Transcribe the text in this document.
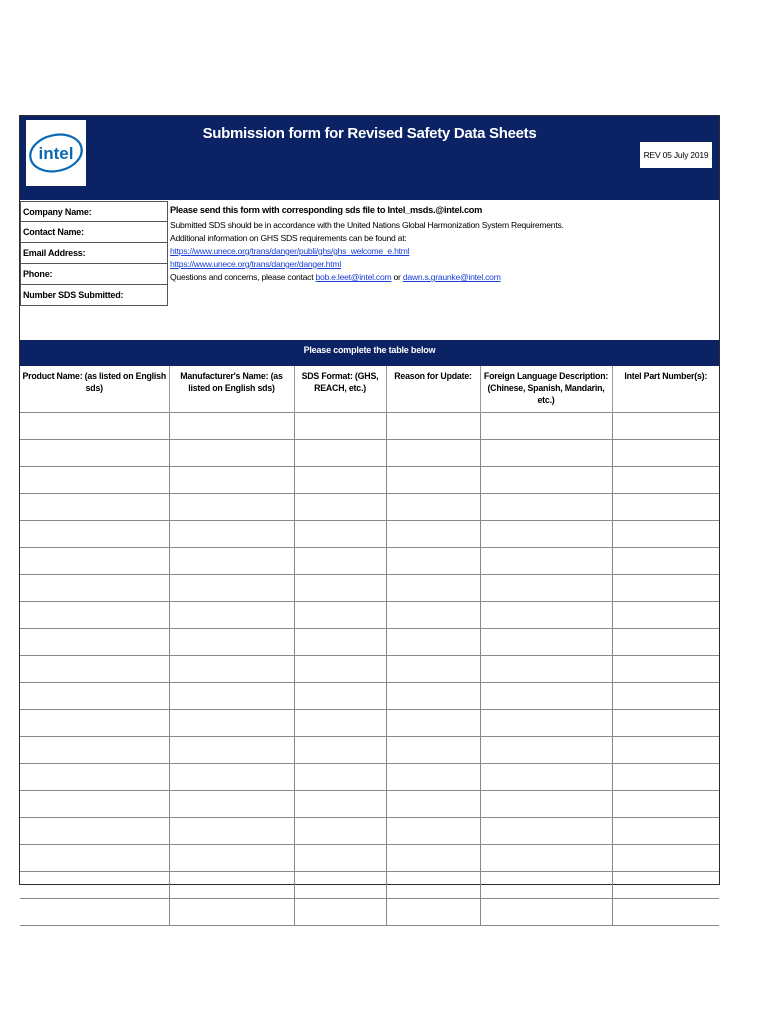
intel
Submission form for Revised Safety Data Sheets
REV 05 July 2019
Company Name:
Contact Name:
Email Address:
Phone:
Number SDS Submitted:
Please send this form with corresponding sds file to Intel_msds.@intel.com
Submitted SDS should be in accordance with the United Nations Global Harmonization System Requirements.
Additional information on GHS SDS requirements can be found at:
https://www.unece.org/trans/danger/publi/ghs/ghs_welcome_e.html
https://www.unece.org/trans/danger/danger.html
Questions and concerns, please contact bob.e.leet@intel.com or dawn.s.graunke@intel.com
Please complete the table below
Product Name: (as listed on English sds)	Manufacturer's Name: (as listed on English sds)	SDS Format: (GHS, REACH, etc.)	Reason for Update:	Foreign Language Description: (Chinese, Spanish, Mandarin, etc.)	Intel Part Number(s):
